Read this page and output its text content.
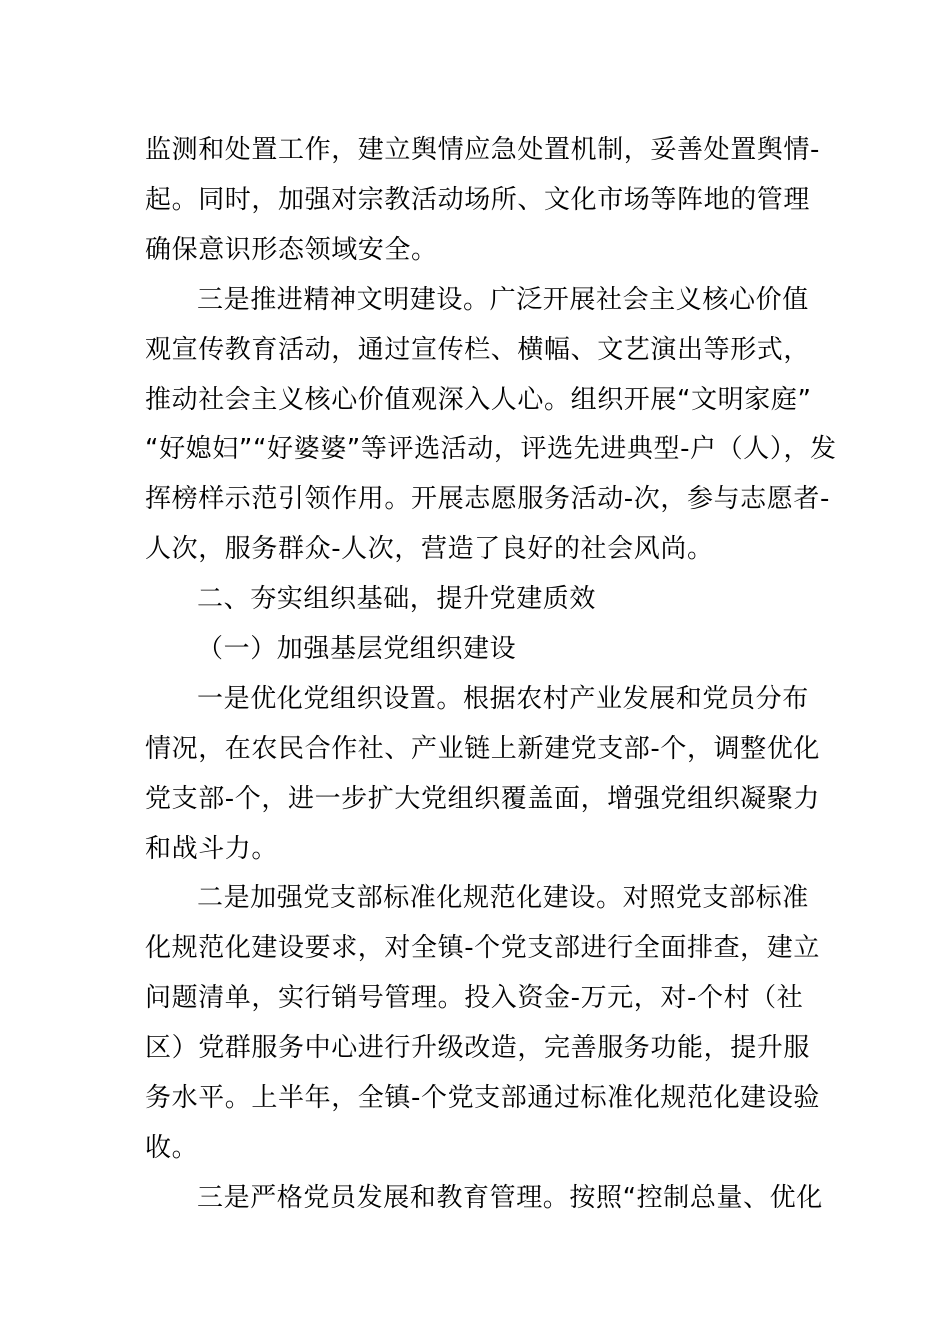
监测和处置工作，建立舆情应急处置机制，妥善处置舆情-
起。同时，加强对宗教活动场所、文化市场等阵地的管理
确保意识形态领域安全。
三是推进精神文明建设。广泛开展社会主义核心价值
观宣传教育活动，通过宣传栏、横幅、文艺演出等形式，
推动社会主义核心价值观深入人心。组织开展“文明家庭”
“好媳妇”“好婆婆”等评选活动，评选先进典型-户（人），发
挥榜样示范引领作用。开展志愿服务活动-次，参与志愿者-
人次，服务群众-人次，营造了良好的社会风尚。
二、夯实组织基础，提升党建质效
（一）加强基层党组织建设
一是优化党组织设置。根据农村产业发展和党员分布
情况，在农民合作社、产业链上新建党支部-个，调整优化
党支部-个，进一步扩大党组织覆盖面，增强党组织凝聚力
和战斗力。
二是加强党支部标准化规范化建设。对照党支部标准
化规范化建设要求，对全镇-个党支部进行全面排查，建立
问题清单，实行销号管理。投入资金-万元，对-个村（社
区）党群服务中心进行升级改造，完善服务功能，提升服
务水平。上半年，全镇-个党支部通过标准化规范化建设验
收。
三是严格党员发展和教育管理。按照“控制总量、优化
